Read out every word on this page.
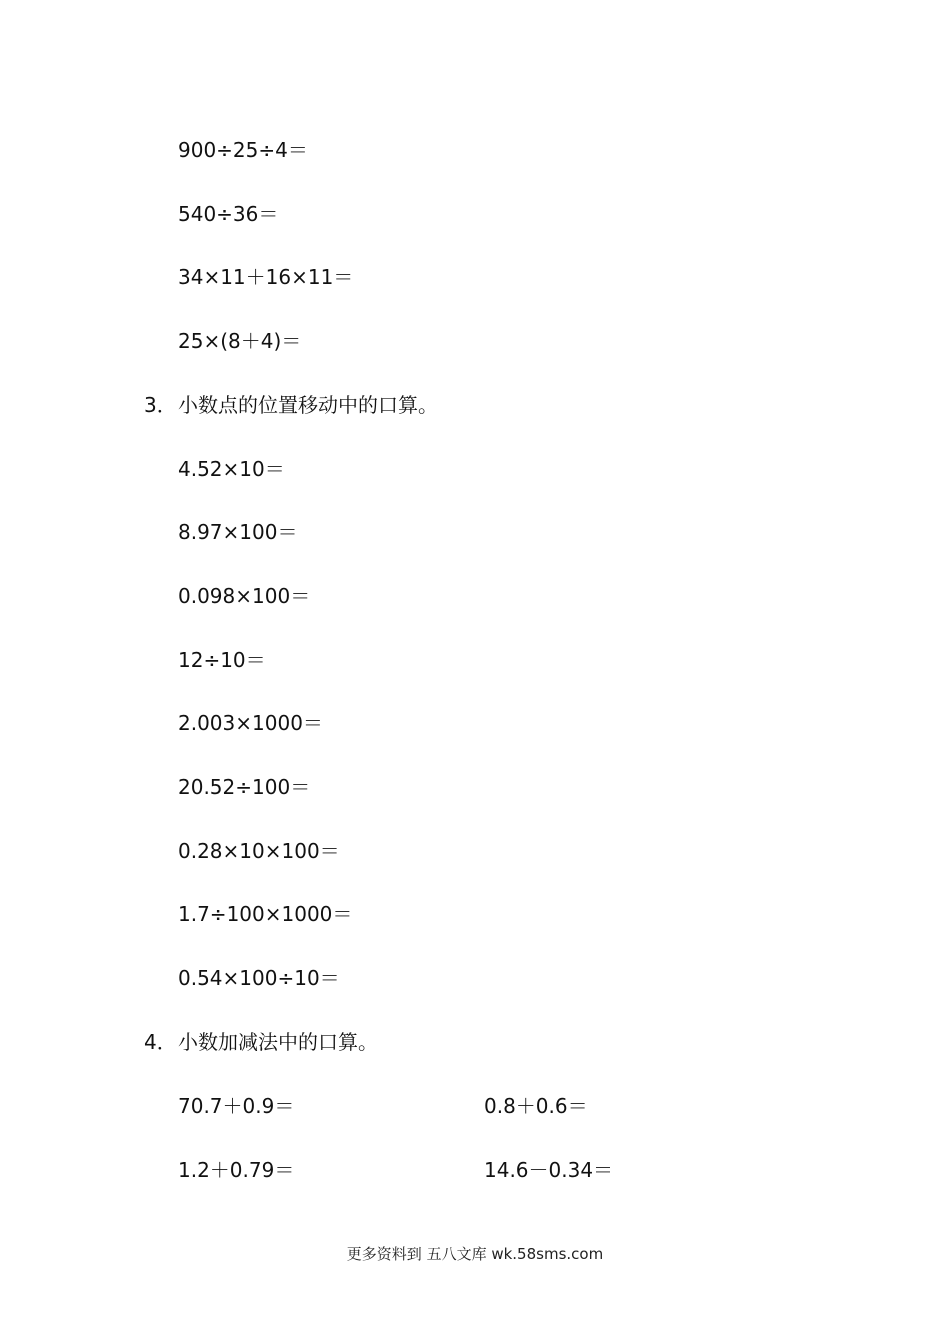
900÷25÷4＝
540÷36＝
34×11＋16×11＝
25×(8＋4)＝
3．小数点的位置移动中的口算。
4.52×10＝
8.97×100＝
0.098×100＝
12÷10＝
2.003×1000＝
20.52÷100＝
0.28×10×100＝
1.7÷100×1000＝
0.54×100÷10＝
4．小数加减法中的口算。
70.7＋0.9＝	0.8＋0.6＝
1.2＋0.79＝	14.6－0.34＝
更多资料到 五八文库 wk.58sms.com
